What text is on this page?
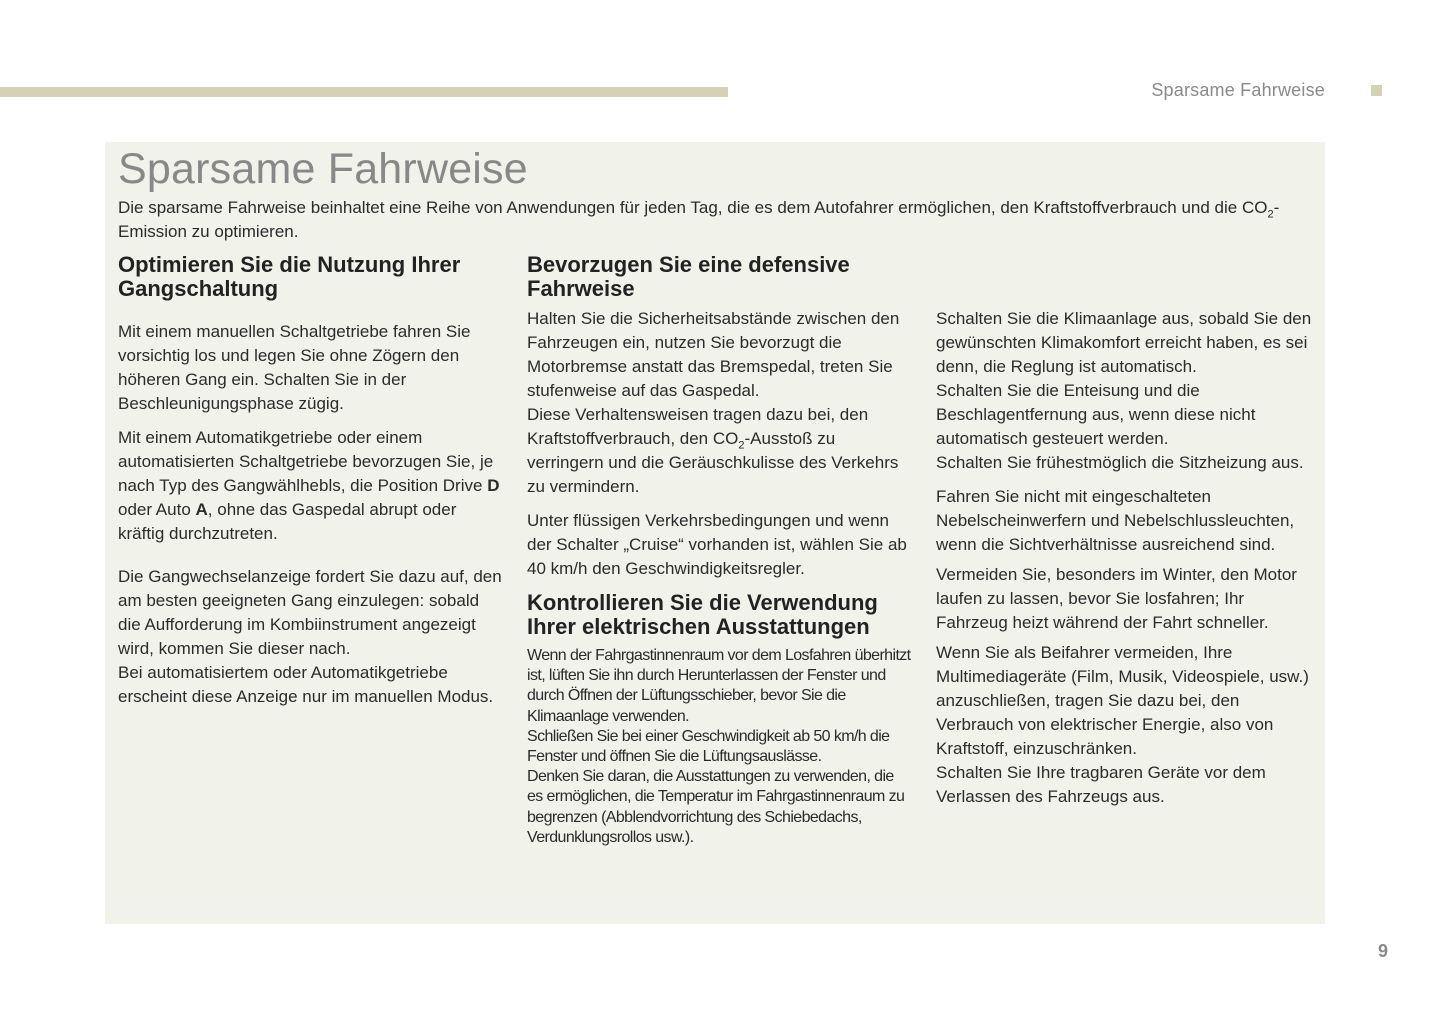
Sparsame Fahrweise
Sparsame Fahrweise

Die sparsame Fahrweise beinhaltet eine Reihe von Anwendungen für jeden Tag, die es dem Autofahrer ermöglichen, den Kraftstoffverbrauch und die $CO_2$-Emission zu optimieren.

Optimieren Sie die Nutzung Ihrer Gangschaltung

Mit einem manuellen Schaltgetriebe fahren Sie vorsichtig los und legen Sie ohne Zögern den höheren Gang ein. Schalten Sie in der Beschleunigungsphase zügig.

Mit einem Automatikgetriebe oder einem automatisierten Schaltgetriebe bevorzugen Sie, je nach Typ des Gangwählhebls, die Position Drive D oder Auto A, ohne das Gaspedal abrupt oder kräftig durchzutreten.

Die Gangwechselanzeige fordert Sie dazu auf, den am besten geeigneten Gang einzulegen: sobald die Aufforderung im Kombiinstrument angezeigt wird, kommen Sie dieser nach.

Bei automatisiertem oder Automatikgetriebe erscheint diese Anzeige nur im manuellen Modus.

Bevorzugen Sie eine defensive Fahrweise

Halten Sie die Sicherheitsabstände zwischen den Fahrzeugen ein, nutzen Sie bevorzugt die Motorbremse anstatt das Bremspedal, treten Sie stufenweise auf das Gaspedal.

Diese Verhaltensweisen tragen dazu bei, den Kraftstoffverbrauch, den $CO_2$-Ausstoß zu verringern und die Geräuschkulisse des Verkehrs zu vermindern.

Unter flüssigen Verkehrsbedingungen und wenn der Schalter „Cruise“ vorhanden ist, wählen Sie ab 40 km/h den Geschwindigkeitsregler.

Kontrollieren Sie die Verwendung Ihrer elektrischen Ausstattungen

Wenn der Fahrgastinnenraum vor dem Losfahren überhitzt ist, lüften Sie ihn durch Herunterlassen der Fenster und durch Öffnen der Lüftungsschieber, bevor Sie die Klimaanlage verwenden.

Schließen Sie bei einer Geschwindigkeit ab 50 km/h die Fenster und öffnen Sie die Lüftungsauslässe.

Denken Sie daran, die Ausstattungen zu verwenden, die es ermöglichen, die Temperatur im Fahrgastinnenraum zu begrenzen (Abblendvorrichtung des Schiebedachs, Verdunklungsrollos usw.).

Schalten Sie die Klimaanlage aus, sobald Sie den gewünschten Klimakomfort erreicht haben, es sei denn, die Reglung ist automatisch.

Schalten Sie die Enteisung und die Beschlagentfernung aus, wenn diese nicht automatisch gesteuert werden.

Schalten Sie frühestmöglich die Sitzheizung aus.

Fahren Sie nicht mit eingeschalteten Nebelscheinwerfern und Nebelschlussleuchten, wenn die Sichtverhältnisse ausreichend sind.

Vermeiden Sie, besonders im Winter, den Motor laufen zu lassen, bevor Sie losfahren; Ihr Fahrzeug heizt während der Fahrt schneller.

Wenn Sie als Beifahrer vermeiden, Ihre Multimediageräte (Film, Musik, Videospiele, usw.) anzuschließen, tragen Sie dazu bei, den Verbrauch von elektrischer Energie, also von Kraftstoff, einzuschränken.

Schalten Sie Ihre tragbaren Geräte vor dem Verlassen des Fahrzeugs aus.

9
